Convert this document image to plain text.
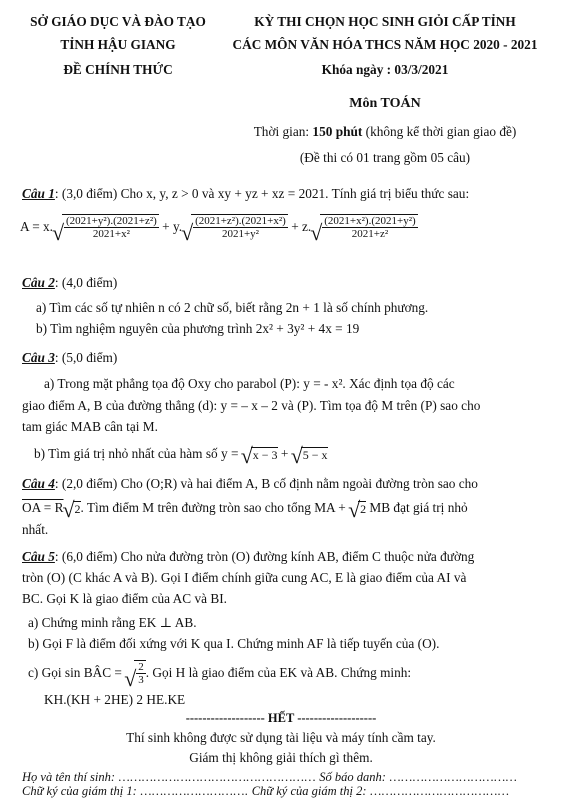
SỞ GIÁO DỤC VÀ ĐÀO TẠO
TỈNH HẬU GIANG
ĐỀ CHÍNH THỨC
KỲ THI CHỌN HỌC SINH GIỎI CẤP TỈNH
CÁC MÔN VĂN HÓA THCS NĂM HỌC 2020 - 2021
Khóa ngày : 03/3/2021
Môn TOÁN
Thời gian: 150 phút (không kể thời gian giao đề)
(Đề thi có 01 trang gồm 05 câu)
Câu 1: (3,0 điểm) Cho x, y, z > 0 và xy + yz + xz = 2021. Tính giá trị biểu thức sau:
A = x. √ $\frac{\text{(2021+y²).(2021+z²)}}{\text{2021+x²}} + y$. √ $\frac{\text{(2021+z²).(2021+x²)}}{\text{2021+y²}} + z$. √ $\frac{\text{(2021+x²).(2021+y²)}}{\text{2021+z²}}$
Câu 2: (4,0 điểm)
a) Tìm các số tự nhiên n có 2 chữ số, biết rằng 2n + 1 là số chính phương.
b) Tìm nghiệm nguyên của phương trình 2x² + 3y² + 4x = 19
Câu 3: (5,0 điểm)
a) Trong mặt phẳng tọa độ Oxy cho parabol (P): y = - x². Xác định tọa độ các
giao điểm A, B của đường thẳng (d): y = – x – 2 và (P). Tìm tọa độ M trên (P) sao cho
tam giác MAB cân tại M.
b) Tìm giá trị nhỏ nhất của hàm số y = √ x − 3 + √ 5 − x
Câu 4: (2,0 điểm) Cho (O;R) và hai điểm A, B cố định nằm ngoài đường tròn sao cho
OA = R √ 2. Tìm điểm M trên đường tròn sao cho tổng MA + √ 2 MB đạt giá trị nhỏ
nhất.
Câu 5: (6,0 điểm) Cho nửa đường tròn (O) đường kính AB, điểm C thuộc nửa đường
tròn (O) (C khác A và B). Gọi I điểm chính giữa cung AC, E là giao điểm của AI và
BC. Gọi K là giao điểm của AC và BI.
a) Chứng minh rằng EK ⊥ AB.
b) Gọi F là điểm đối xứng với K qua I. Chứng minh AF là tiếp tuyến của (O).
c) Gọi sin BÂC = √ $\frac{2}{3}$ . Gọi H là giao điểm của EK và AB. Chứng minh:
KH.(KH + 2HE) 2 HE.KE
------------------- HẾT -------------------
Thí sinh không được sử dụng tài liệu và máy tính cầm tay.
Giám thị không giải thích gì thêm.
Họ và tên thí sinh: …………………………………………… Số báo danh: ……………………………
Chữ ký của giám thị 1: ………………………. Chữ ký của giám thị 2: ………………………………
